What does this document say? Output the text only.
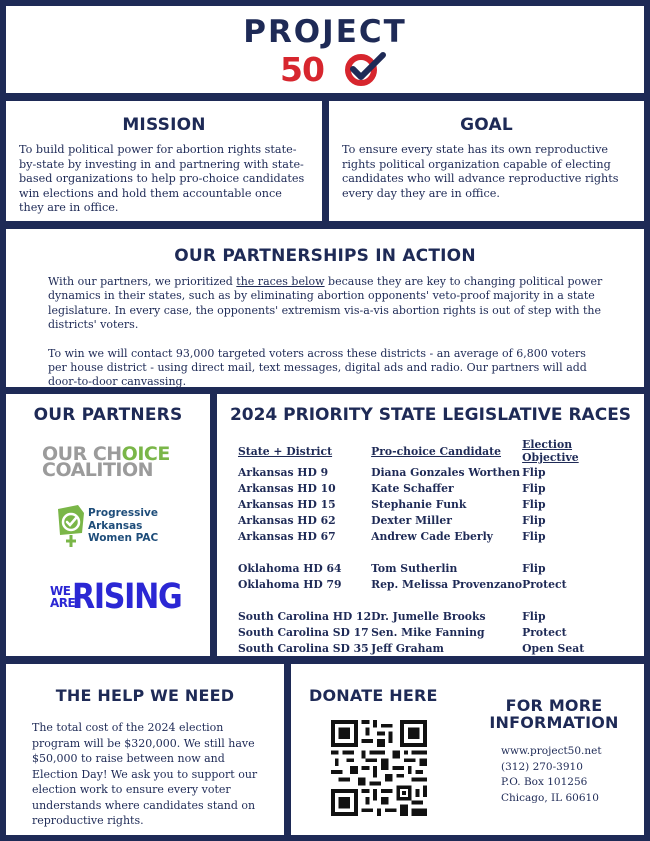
PROJECT
50
MISSION

To build political power for abortion rights state-by-state by investing in and partnering with state-based organizations to help pro-choice candidates win elections and hold them accountable once they are in office.

GOAL

To ensure every state has its own reproductive rights political organization capable of electing candidates who will advance reproductive rights every day they are in office.

OUR PARTNERSHIPS IN ACTION

With our partners, we prioritized the races below because they are key to changing political power dynamics in their states, such as by eliminating abortion opponents' veto-proof majority in a state legislature. In every case, the opponents' extremism vis-a-vis abortion rights is out of step with the districts' voters.

To win we will contact 93,000 targeted voters across these districts - an average of 6,800 voters per house district - using direct mail, text messages, digital ads and radio. Our partners will add door-to-door canvassing.

OUR PARTNERS
OUR CHOICE
COALITION
Progressive
Arkansas
Women PAC
WE
ARE
RISING
2024 PRIORITY STATE LEGISLATIVE RACES
State + District	Pro-choice Candidate	Election Objective
Arkansas HD 9	Diana Gonzales Worthen	Flip
Arkansas HD 10	Kate Schaffer	Flip
Arkansas HD 15	Stephanie Funk	Flip
Arkansas HD 62	Dexter Miller	Flip
Arkansas HD 67	Andrew Cade Eberly	Flip

Oklahoma HD 64	Tom Sutherlin	Flip
Oklahoma HD 79	Rep. Melissa Provenzano	Protect

South Carolina HD 12	Dr. Jumelle Brooks	Flip
South Carolina SD 17	Sen. Mike Fanning	Protect
South Carolina SD 35	Jeff Graham	Open Seat
THE HELP WE NEED

The total cost of the 2024 election program will be $320,000. We still have $50,000 to raise between now and Election Day! We ask you to support our election work to ensure every voter understands where candidates stand on reproductive rights.

DONATE HERE
FOR MORE INFORMATION
www.project50.net
(312) 270-3910
P.O. Box 101256
Chicago, IL 60610
